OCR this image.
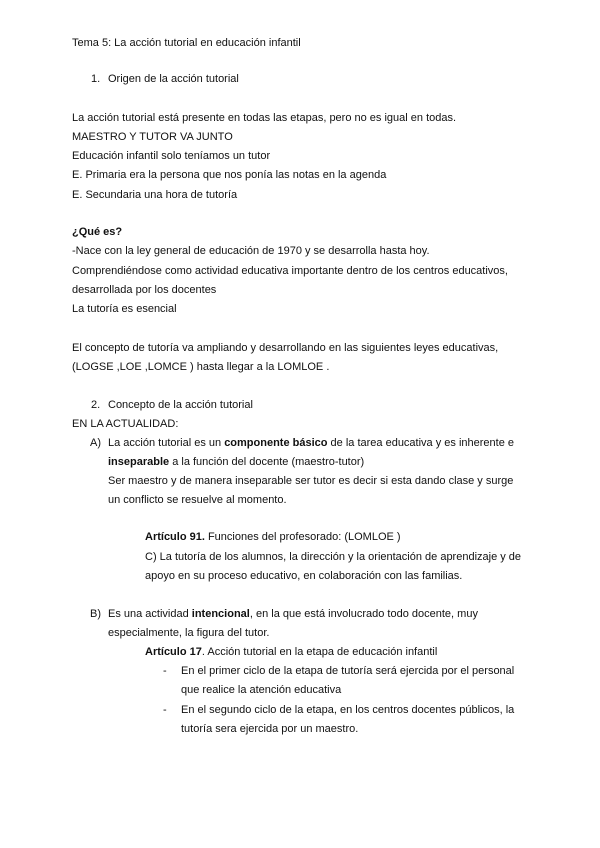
Tema 5: La acción tutorial en educación infantil
1. Origen de la acción tutorial
La acción tutorial está presente en todas las etapas, pero no es igual en todas.
MAESTRO Y TUTOR VA JUNTO
Educación infantil solo teníamos un tutor
E. Primaria era la persona que nos ponía las notas en la agenda
E. Secundaria una hora de tutoría
¿Qué es?
-Nace con la ley general de educación de 1970 y se desarrolla hasta hoy.
Comprendiéndose como actividad educativa importante dentro de los centros educativos,
desarrollada por los docentes
La tutoría es esencial
El concepto de tutoría va ampliando y desarrollando en las siguientes leyes educativas,
(LOGSE ,LOE ,LOMCE ) hasta llegar a la LOMLOE .
2. Concepto de la acción tutorial
EN LA ACTUALIDAD:
A) La acción tutorial es un componente básico de la tarea educativa y es inherente e
inseparable a la función del docente (maestro-tutor)
Ser maestro y de manera inseparable ser tutor es decir si esta dando clase y surge
un conflicto se resuelve al momento.
Artículo 91. Funciones del profesorado: (LOMLOE )
C) La tutoría de los alumnos, la dirección y la orientación de aprendizaje y de
apoyo en su proceso educativo, en colaboración con las familias.
B) Es una actividad intencional, en la que está involucrado todo docente, muy
especialmente, la figura del tutor.
Artículo 17. Acción tutorial en la etapa de educación infantil
- En el primer ciclo de la etapa de tutoría será ejercida por el personal
que realice la atención educativa
- En el segundo ciclo de la etapa, en los centros docentes públicos, la
tutoría sera ejercida por un maestro.
